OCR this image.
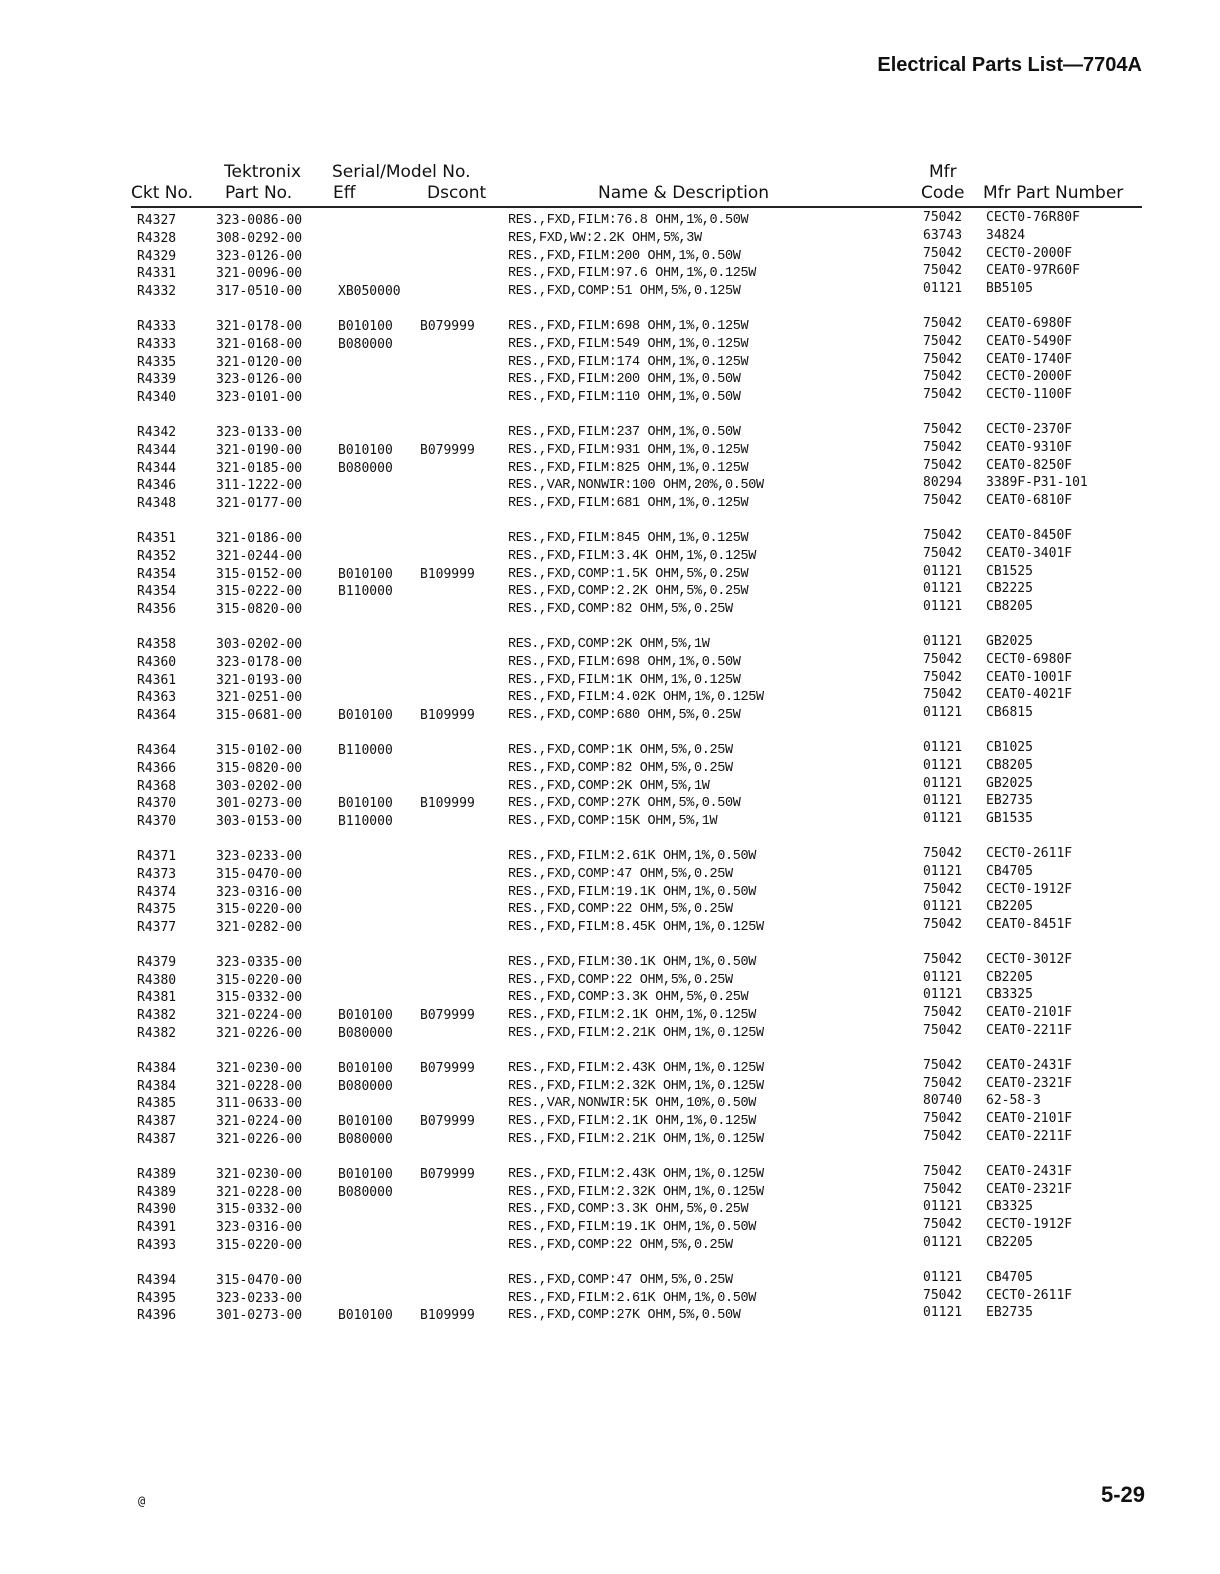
Electrical Parts List—7704A
Tektronix
Ckt No. Part No.
Serial/Model No.
Eff	Dscont	Name & Description
Mfr
Code Mfr Part Number
R4327	323-0086-00	RES.,FXD,FILM:76.8 OHM,1%,0.50W	75042 CECT0-76R80F
R4328	308-0292-00	RES,FXD,WW:2.2K OHM,5%,3W	63743 34824
R4329	323-0126-00	RES.,FXD,FILM:200 OHM,1%,0.50W	75042 CECT0-2000F
R4331	321-0096-00	RES.,FXD,FILM:97.6 OHM,1%,0.125W	75042 CEAT0-97R60F
R4332	317-0510-00	XB050000	RES.,FXD,COMP:51 OHM,5%,0.125W	01121 BB5105
R4333	321-0178-00	B010100 B079999 RES.,FXD,FILM:698 OHM,1%,0.125W	75042 CEAT0-6980F
R4333	321-0168-00	B080000	RES.,FXD,FILM:549 OHM,1%,0.125W	75042 CEAT0-5490F
R4335	321-0120-00	RES.,FXD,FILM:174 OHM,1%,0.125W	75042 CEAT0-1740F
R4339	323-0126-00	RES.,FXD,FILM:200 OHM,1%,0.50W	75042 CECT0-2000F
R4340	323-0101-00	RES.,FXD,FILM:110 OHM,1%,0.50W	75042 CECT0-1100F
R4342	323-0133-00	RES.,FXD,FILM:237 OHM,1%,0.50W	75042 CECT0-2370F
R4344	321-0190-00	B010100 B079999 RES.,FXD,FILM:931 OHM,1%,0.125W	75042 CEAT0-9310F
R4344	321-0185-00	B080000	RES.,FXD,FILM:825 OHM,1%,0.125W	75042 CEAT0-8250F
R4346	311-1222-00	RES.,VAR,NONWIR:100 OHM,20%,0.50W	80294 3389F-P31-101
R4348	321-0177-00	RES.,FXD,FILM:681 OHM,1%,0.125W	75042 CEAT0-6810F
R4351	321-0186-00	RES.,FXD,FILM:845 OHM,1%,0.125W	75042 CEAT0-8450F
R4352	321-0244-00	RES.,FXD,FILM:3.4K OHM,1%,0.125W	75042 CEAT0-3401F
R4354	315-0152-00	B010100 B109999 RES.,FXD,COMP:1.5K OHM,5%,0.25W	01121 CB1525
R4354	315-0222-00	B110000	RES.,FXD,COMP:2.2K OHM,5%,0.25W	01121 CB2225
R4356	315-0820-00	RES.,FXD,COMP:82 OHM,5%,0.25W	01121 CB8205
R4358	303-0202-00	RES.,FXD,COMP:2K OHM,5%,1W	01121 GB2025
R4360	323-0178-00	RES.,FXD,FILM:698 OHM,1%,0.50W	75042 CECT0-6980F
R4361	321-0193-00	RES.,FXD,FILM:1K OHM,1%,0.125W	75042 CEAT0-1001F
R4363	321-0251-00	RES.,FXD,FILM:4.02K OHM,1%,0.125W	75042 CEAT0-4021F
R4364	315-0681-00	B010100 B109999 RES.,FXD,COMP:680 OHM,5%,0.25W	01121 CB6815
R4364	315-0102-00	B110000	RES.,FXD,COMP:1K OHM,5%,0.25W	01121 CB1025
R4366	315-0820-00	RES.,FXD,COMP:82 OHM,5%,0.25W	01121 CB8205
R4368	303-0202-00	RES.,FXD,COMP:2K OHM,5%,1W	01121 GB2025
R4370	301-0273-00	B010100 B109999 RES.,FXD,COMP:27K OHM,5%,0.50W	01121 EB2735
R4370	303-0153-00	B110000	RES.,FXD,COMP:15K OHM,5%,1W	01121 GB1535
R4371	323-0233-00	RES.,FXD,FILM:2.61K OHM,1%,0.50W	75042 CECT0-2611F
R4373	315-0470-00	RES.,FXD,COMP:47 OHM,5%,0.25W	01121 CB4705
R4374	323-0316-00	RES.,FXD,FILM:19.1K OHM,1%,0.50W	75042 CECT0-1912F
R4375	315-0220-00	RES.,FXD,COMP:22 OHM,5%,0.25W	01121 CB2205
R4377	321-0282-00	RES.,FXD,FILM:8.45K OHM,1%,0.125W	75042 CEAT0-8451F
R4379	323-0335-00	RES.,FXD,FILM:30.1K OHM,1%,0.50W	75042 CECT0-3012F
R4380	315-0220-00	RES.,FXD,COMP:22 OHM,5%,0.25W	01121 CB2205
R4381	315-0332-00	RES.,FXD,COMP:3.3K OHM,5%,0.25W	01121 CB3325
R4382	321-0224-00	B010100 B079999 RES.,FXD,FILM:2.1K OHM,1%,0.125W	75042 CEAT0-2101F
R4382	321-0226-00	B080000	RES.,FXD,FILM:2.21K OHM,1%,0.125W	75042 CEAT0-2211F
R4384	321-0230-00	B010100 B079999 RES.,FXD,FILM:2.43K OHM,1%,0.125W	75042 CEAT0-2431F
R4384	321-0228-00	B080000	RES.,FXD,FILM:2.32K OHM,1%,0.125W	75042 CEAT0-2321F
R4385	311-0633-00	RES.,VAR,NONWIR:5K OHM,10%,0.50W	80740 62-58-3
R4387	321-0224-00	B010100 B079999 RES.,FXD,FILM:2.1K OHM,1%,0.125W	75042 CEAT0-2101F
R4387	321-0226-00	B080000	RES.,FXD,FILM:2.21K OHM,1%,0.125W	75042 CEAT0-2211F
R4389	321-0230-00	B010100 B079999 RES.,FXD,FILM:2.43K OHM,1%,0.125W	75042 CEAT0-2431F
R4389	321-0228-00	B080000	RES.,FXD,FILM:2.32K OHM,1%,0.125W	75042 CEAT0-2321F
R4390	315-0332-00	RES.,FXD,COMP:3.3K OHM,5%,0.25W	01121 CB3325
R4391	323-0316-00	RES.,FXD,FILM:19.1K OHM,1%,0.50W	75042 CECT0-1912F
R4393	315-0220-00	RES.,FXD,COMP:22 OHM,5%,0.25W	01121 CB2205
R4394	315-0470-00	RES.,FXD,COMP:47 OHM,5%,0.25W	01121 CB4705
R4395	323-0233-00	RES.,FXD,FILM:2.61K OHM,1%,0.50W	75042 CECT0-2611F
R4396	301-0273-00	B010100 B109999 RES.,FXD,COMP:27K OHM,5%,0.50W	01121 EB2735
@	5-29
